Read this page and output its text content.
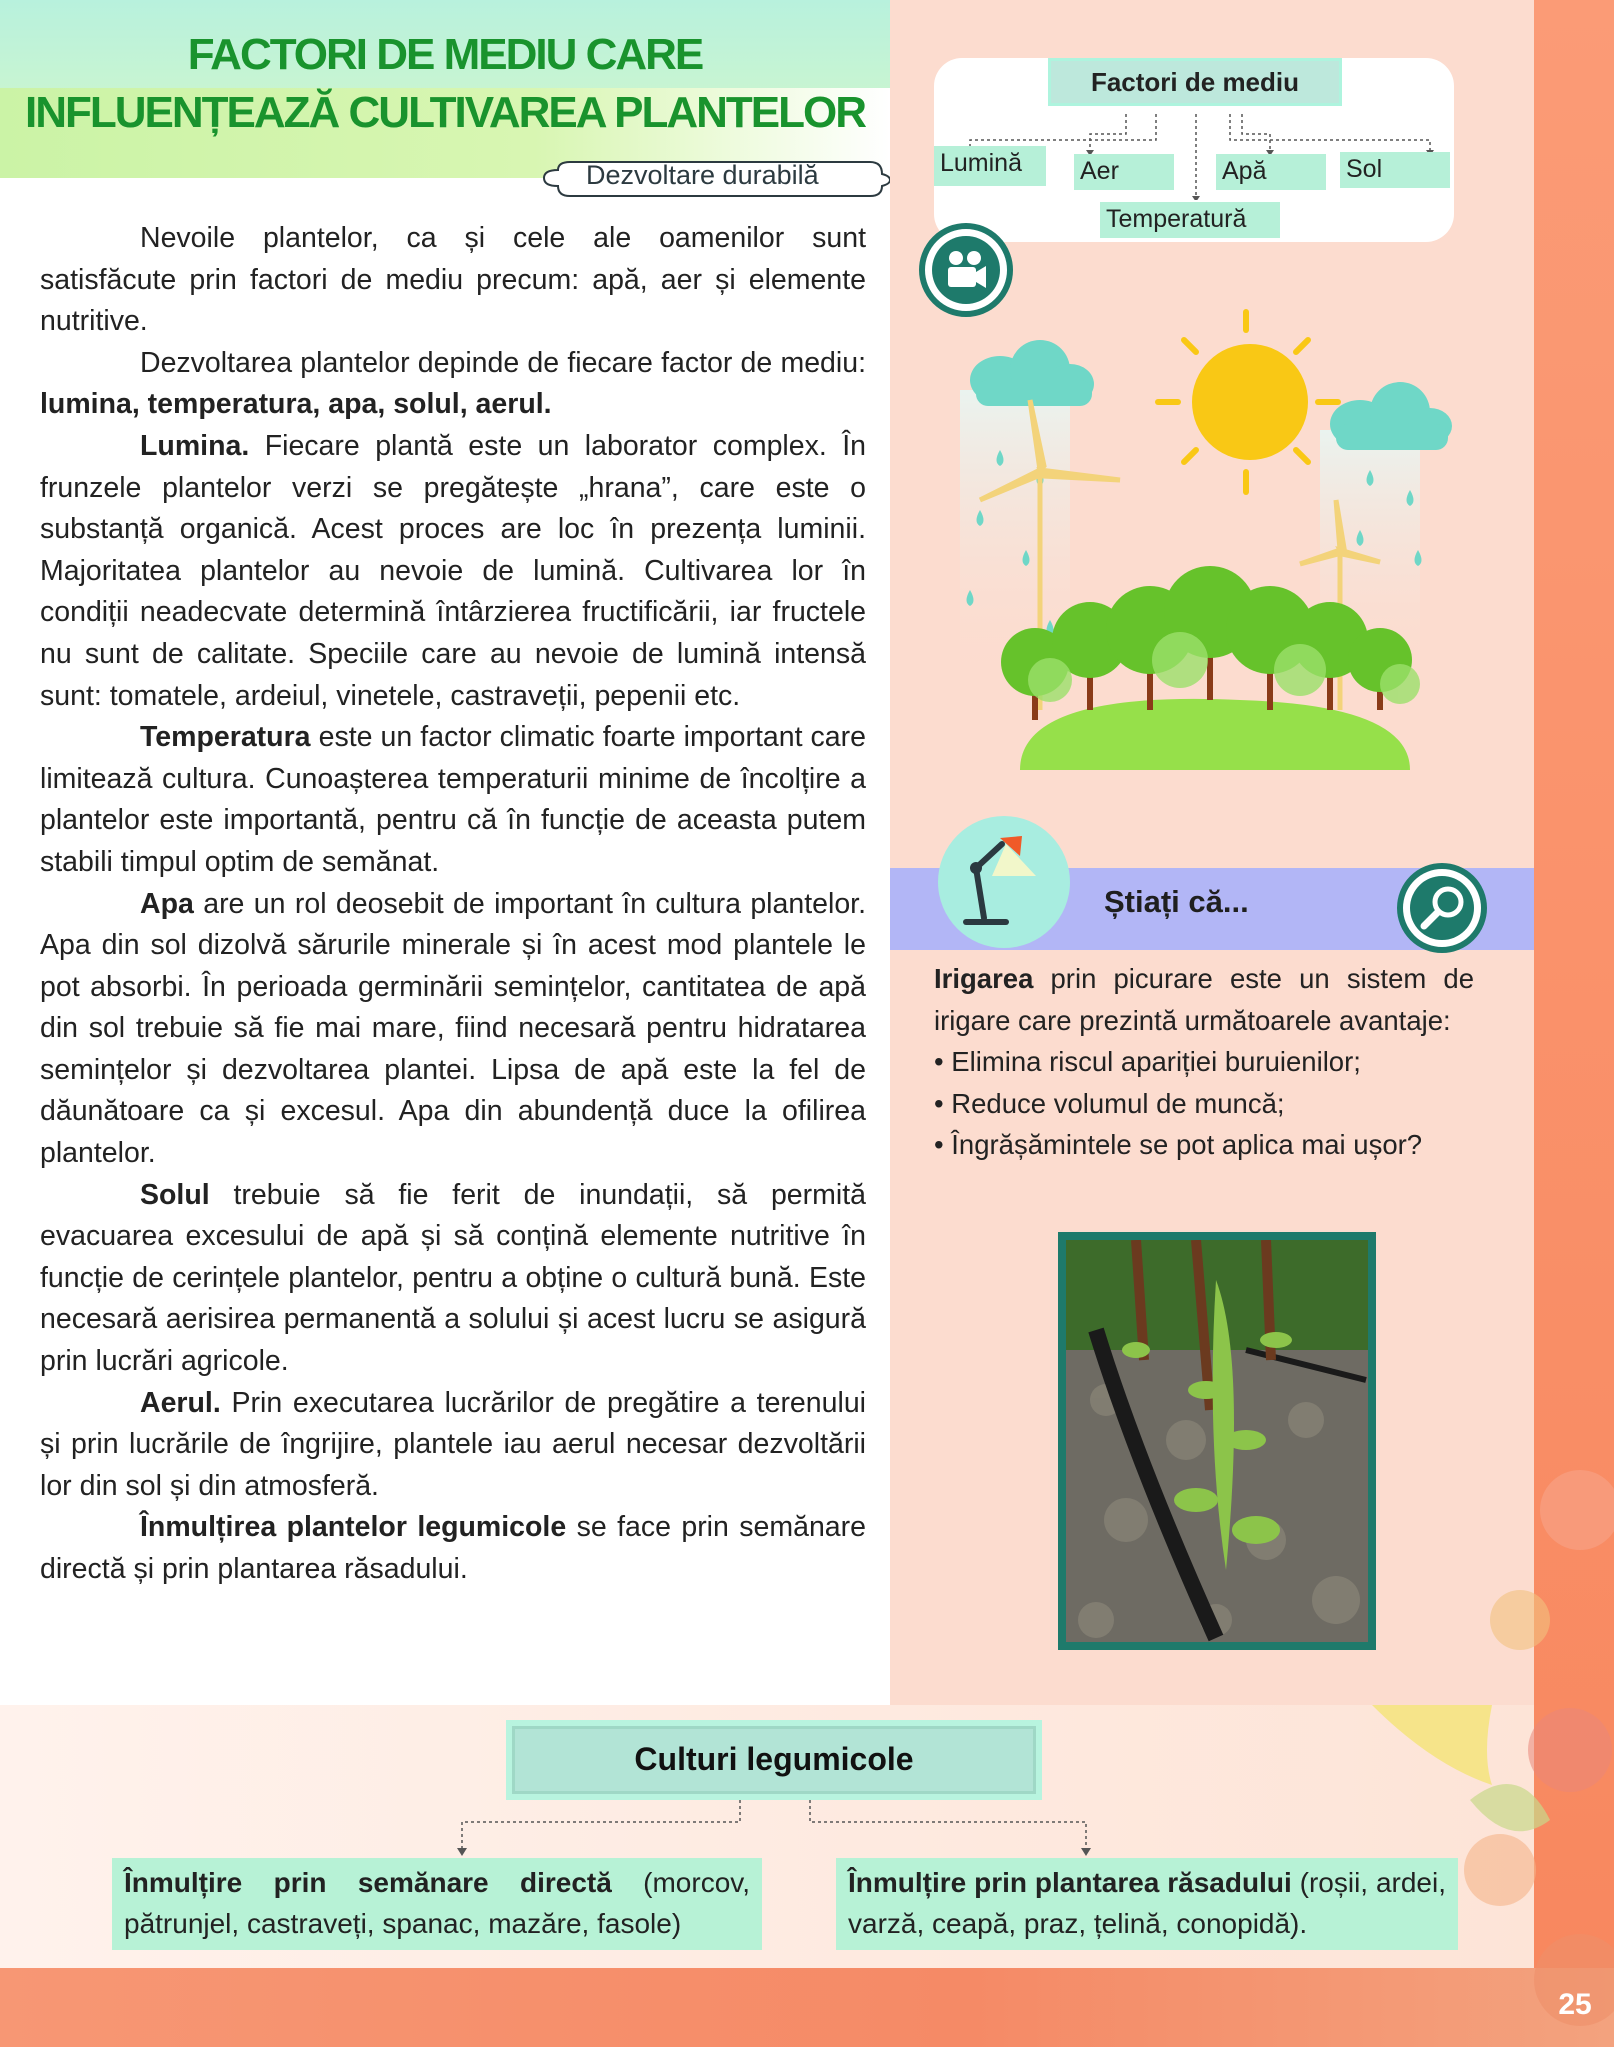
25
FACTORI DE MEDIU CARE
INFLUENȚEAZĂ CULTIVAREA PLANTELOR
Dezvoltare durabilă

Nevoile plantelor, ca și cele ale oamenilor sunt satisfăcute prin factori de mediu precum: apă, aer și elemente nutritive.

Dezvoltarea plantelor depinde de fiecare factor de mediu: lumina, temperatura, apa, solul, aerul.

Lumina. Fiecare plantă este un laborator complex. În frunzele plantelor verzi se pregătește „hrana”, care este o substanță organică. Acest proces are loc în prezența luminii. Majoritatea plantelor au nevoie de lumină. Cultivarea lor în condiții neadecvate determină întârzierea fructificării, iar fructele nu sunt de calitate. Speciile care au nevoie de lumină intensă sunt: tomatele, ardeiul, vinetele, castraveții, pepenii etc.

Temperatura este un factor climatic foarte important care limitează cultura. Cunoașterea temperaturii minime de încolțire a plantelor este importantă, pentru că în funcție de aceasta putem stabili timpul optim de semănat.

Apa are un rol deosebit de important în cultura plantelor. Apa din sol dizolvă sărurile minerale și în acest mod plantele le pot absorbi. În perioada germinării semințelor, cantitatea de apă din sol trebuie să fie mai mare, fiind necesară pentru hidratarea semințelor și dezvoltarea plantei. Lipsa de apă este la fel de dăunătoare ca și excesul. Apa din abundență duce la ofilirea plantelor.

Solul trebuie să fie ferit de inundații, să permită evacuarea excesului de apă și să conțină elemente nutritive în funcție de cerințele plantelor, pentru a obține o cultură bună. Este necesară aerisirea permanentă a solului și acest lucru se asigură prin lucrări agricole.

Aerul. Prin executarea lucrărilor de pregătire a terenului și prin lucrările de îngrijire, plantele iau aerul necesar dezvoltării lor din sol și din atmosferă.

Înmulțirea plantelor legumicole se face prin semănare directă și prin plantarea răsadului.

Factori de mediu
Lumină	Aer	Apă	Sol
Temperatură
Știați că...

Irigarea prin picurare este un sistem de irigare care prezintă următoarele avantaje:

• Elimina riscul apariției buruienilor;
• Reduce volumul de muncă;
• Îngrășămintele se pot aplica mai ușor?
Culturi legumicole
Înmulțire prin semănare directă (morcov, pătrunjel, castraveți, spanac, mazăre, fasole)
Înmulțire prin plantarea răsadului (roșii, ardei, varză, ceapă, praz, țelină, conopidă).
